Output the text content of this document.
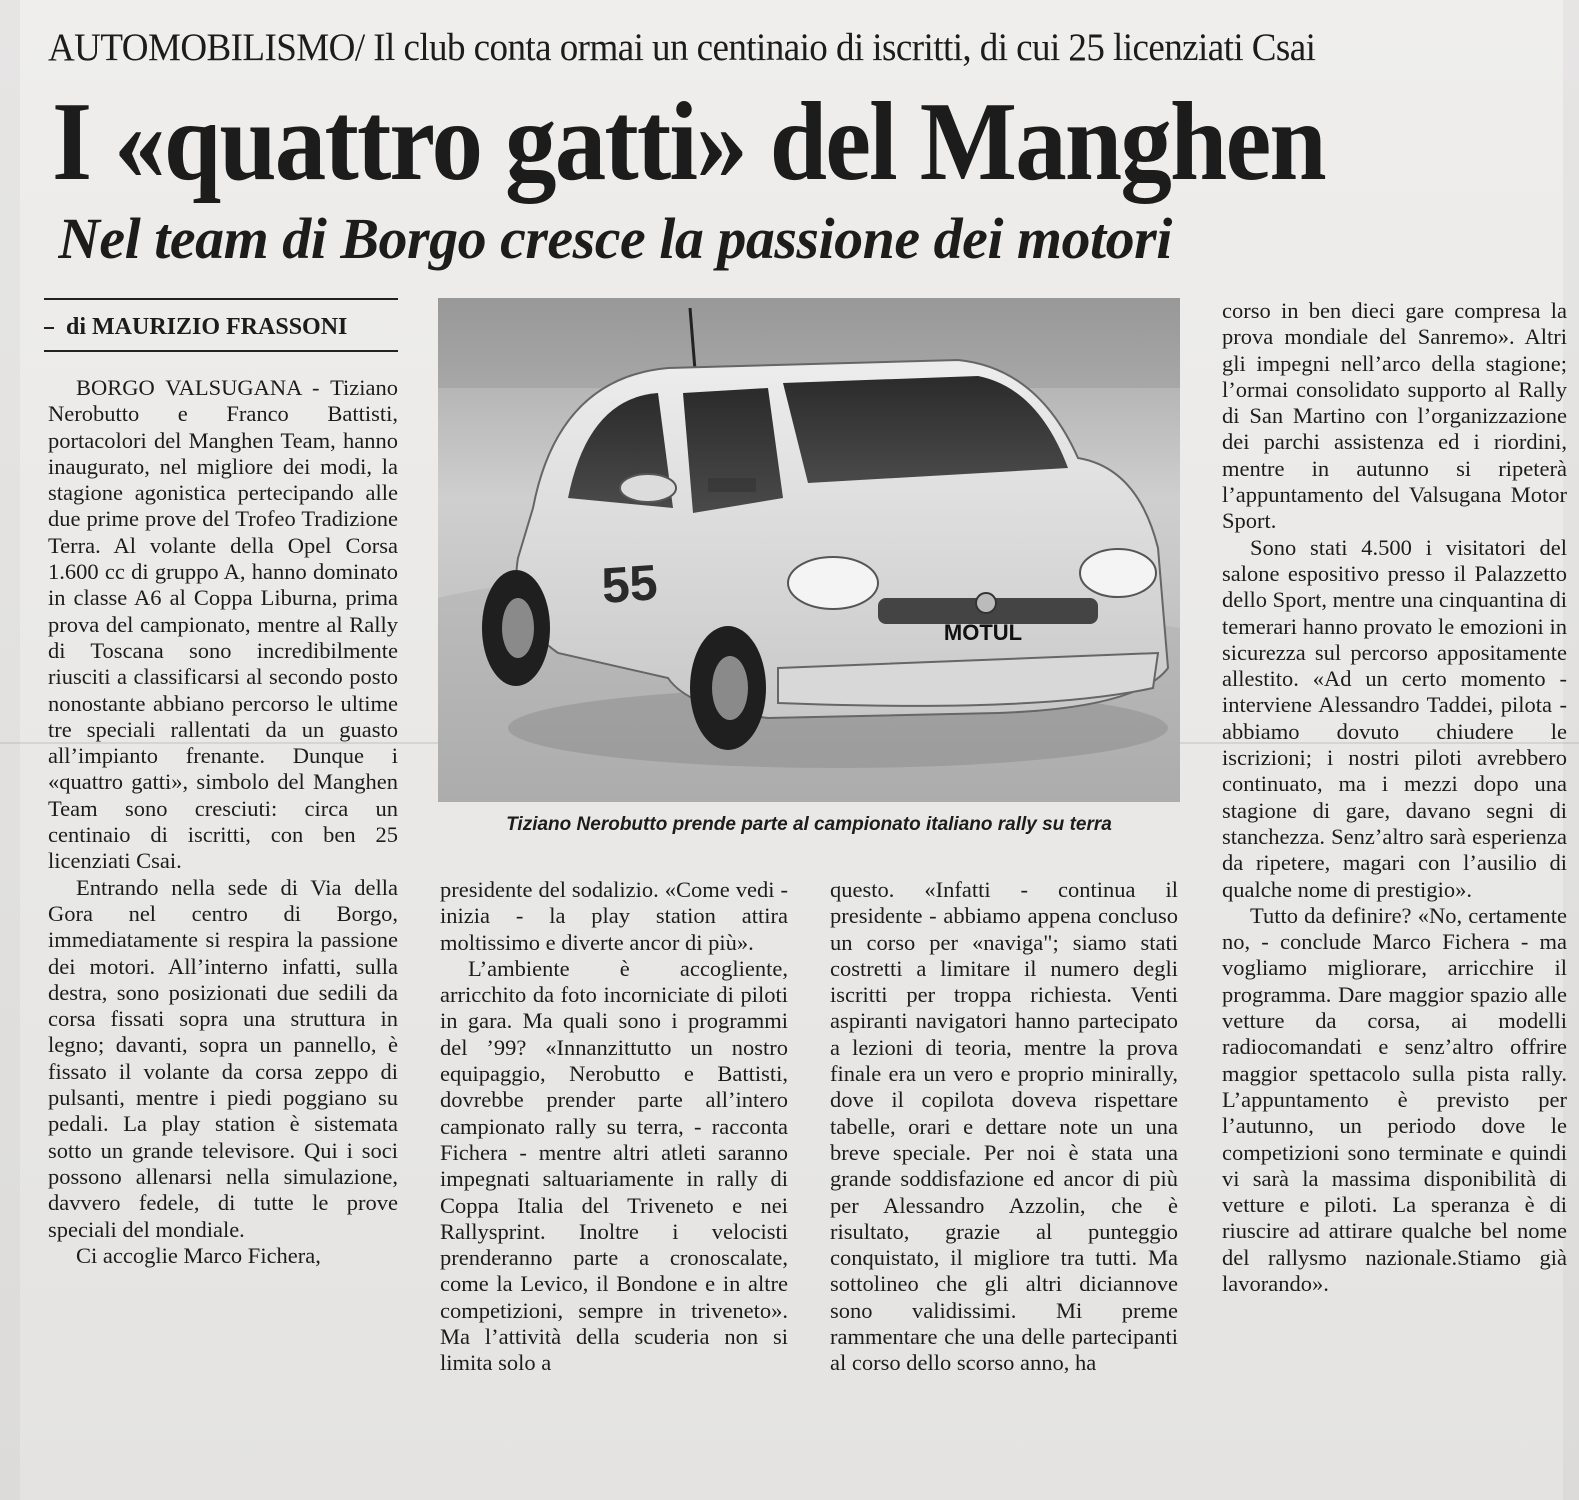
AUTOMOBILISMO/ Il club conta ormai un centinaio di iscritti, di cui 25 licenziati Csai
I «quattro gatti» del Manghen
Nel team di Borgo cresce la passione dei motori
di MAURIZIO FRASSONI

BORGO VALSUGANA - Tiziano Nerobutto e Franco Battisti, portacolori del Manghen Team, hanno inaugurato, nel migliore dei modi, la stagione agonistica pertecipando alle due prime prove del Trofeo Tradizione Terra. Al volante della Opel Corsa 1.600 cc di gruppo A, hanno dominato in classe A6 al Coppa Liburna, prima prova del campionato, mentre al Rally di Toscana sono incredibilmente riusciti a classificarsi al secondo posto nonostante abbiano percorso le ultime tre speciali rallentati da un guasto all’impianto frenante. Dunque i «quattro gatti», simbolo del Manghen Team sono cresciuti: circa un centinaio di iscritti, con ben 25 licenziati Csai.

Entrando nella sede di Via della Gora nel centro di Borgo, immediatamente si respira la passione dei motori. All’interno infatti, sulla destra, sono posizionati due sedili da corsa fissati sopra una struttura in legno; davanti, sopra un pannello, è fissato il volante da corsa zeppo di pulsanti, mentre i piedi poggiano su pedali. La play station è sistemata sotto un grande televisore. Qui i soci possono allenarsi nella simulazione, davvero fedele, di tutte le prove speciali del mondiale.

Ci accoglie Marco Fichera,

MOTUL
55
Tiziano Nerobutto prende parte al campionato italiano rally su terra

presidente del sodalizio. «Come vedi - inizia - la play station attira moltissimo e diverte ancor di più».

L’ambiente è accogliente, arricchito da foto incorniciate di piloti in gara. Ma quali sono i programmi del ’99? «Innanzittutto un nostro equipaggio, Nerobutto e Battisti, dovrebbe prender parte all’intero campionato rally su terra, - racconta Fichera - mentre altri atleti saranno impegnati saltuariamente in rally di Coppa Italia del Triveneto e nei Rallysprint. Inoltre i velocisti prenderanno parte a cronoscalate, come la Levico, il Bondone e in altre competizioni, sempre in triveneto». Ma l’attività della scuderia non si limita solo a

questo. «Infatti - continua il presidente - abbiamo appena concluso un corso per «naviga"; siamo stati costretti a limitare il numero degli iscritti per troppa richiesta. Venti aspiranti navigatori hanno partecipato a lezioni di teoria, mentre la prova finale era un vero e proprio minirally, dove il copilota doveva rispettare tabelle, orari e dettare note un una breve speciale. Per noi è stata una grande soddisfazione ed ancor di più per Alessandro Azzolin, che è risultato, grazie al punteggio conquistato, il migliore tra tutti. Ma sottolineo che gli altri diciannove sono validissimi. Mi preme rammentare che una delle partecipanti al corso dello scorso anno, ha

corso in ben dieci gare compresa la prova mondiale del Sanremo». Altri gli impegni nell’arco della stagione; l’ormai consolidato supporto al Rally di San Martino con l’organizzazione dei parchi assistenza ed i riordini, mentre in autunno si ripeterà l’appuntamento del Valsugana Motor Sport.

Sono stati 4.500 i visitatori del salone espositivo presso il Palazzetto dello Sport, mentre una cinquantina di temerari hanno provato le emozioni in sicurezza sul percorso appositamente allestito. «Ad un certo momento - interviene Alessandro Taddei, pilota - abbiamo dovuto chiudere le iscrizioni; i nostri piloti avrebbero continuato, ma i mezzi dopo una stagione di gare, davano segni di stanchezza. Senz’altro sarà esperienza da ripetere, magari con l’ausilio di qualche nome di prestigio».

Tutto da definire? «No, certamente no, - conclude Marco Fichera - ma vogliamo migliorare, arricchire il programma. Dare maggior spazio alle vetture da corsa, ai modelli radiocomandati e senz’altro offrire maggior spettacolo sulla pista rally. L’appuntamento è previsto per l’autunno, un periodo dove le competizioni sono terminate e quindi vi sarà la massima disponibilità di vetture e piloti. La speranza è di riuscire ad attirare qualche bel nome del rallysmo nazionale.Stiamo già lavorando».
